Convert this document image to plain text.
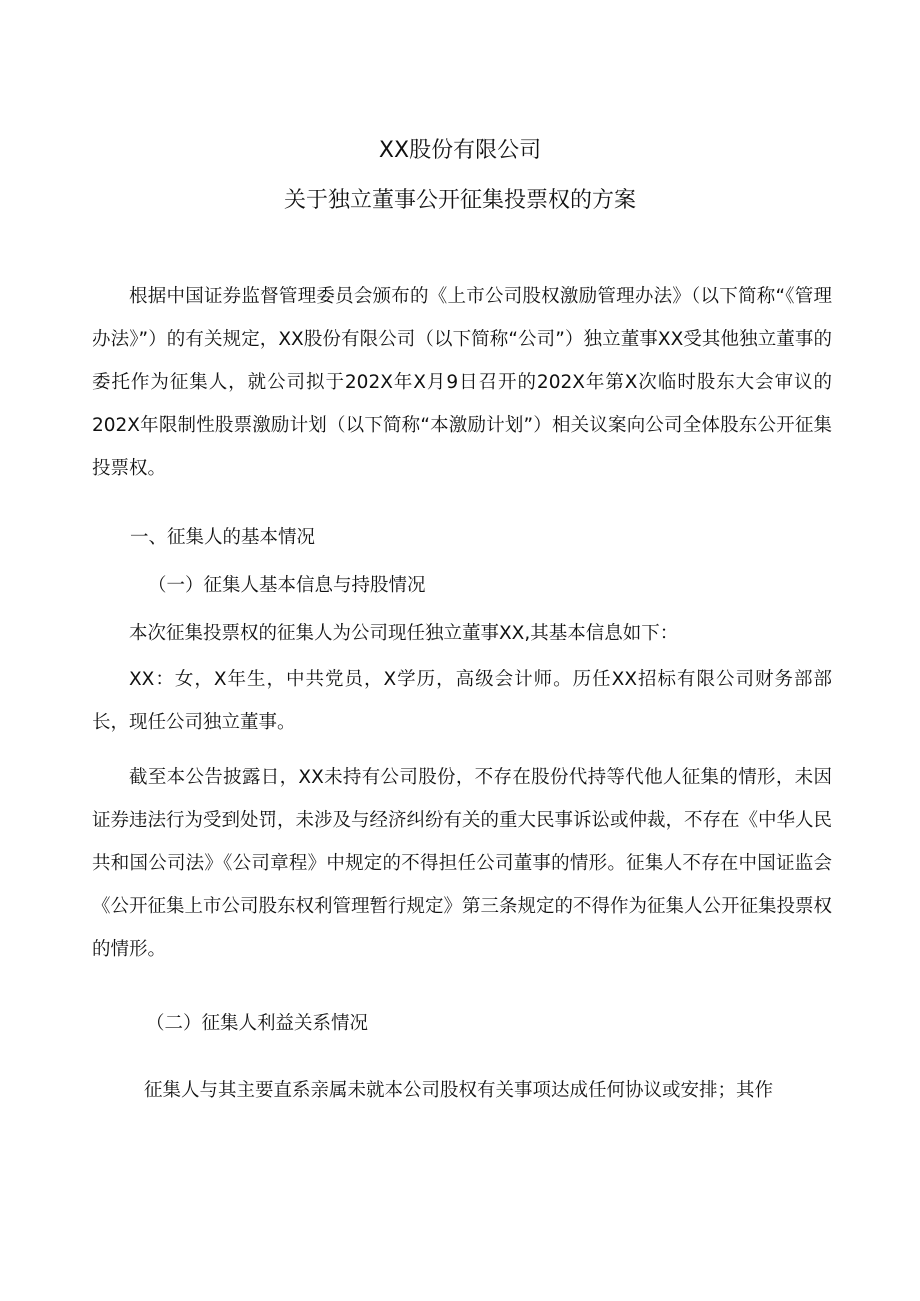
XX股份有限公司
关于独立董事公开征集投票权的方案

根据中国证券监督管理委员会颁布的《上市公司股权激励管理办法》（以下简称“《管理办法》”）的有关规定，XX股份有限公司（以下简称“公司”）独立董事XX受其他独立董事的委托作为征集人，就公司拟于202X年X月9日召开的202X年第X次临时股东大会审议的202X年限制性股票激励计划（以下简称“本激励计划”）相关议案向公司全体股东公开征集投票权。

一、征集人的基本情况

（一）征集人基本信息与持股情况

本次征集投票权的征集人为公司现任独立董事XX,其基本信息如下：

XX：女，X年生，中共党员，X学历，高级会计师。历任XX招标有限公司财务部部长，现任公司独立董事。

截至本公告披露日，XX未持有公司股份，不存在股份代持等代他人征集的情形，未因证券违法行为受到处罚，未涉及与经济纠纷有关的重大民事诉讼或仲裁，不存在《中华人民共和国公司法》《公司章程》中规定的不得担任公司董事的情形。征集人不存在中国证监会《公开征集上市公司股东权利管理暂行规定》第三条规定的不得作为征集人公开征集投票权的情形。

（二）征集人利益关系情况

征集人与其主要直系亲属未就本公司股权有关事项达成任何协议或安排；其作
